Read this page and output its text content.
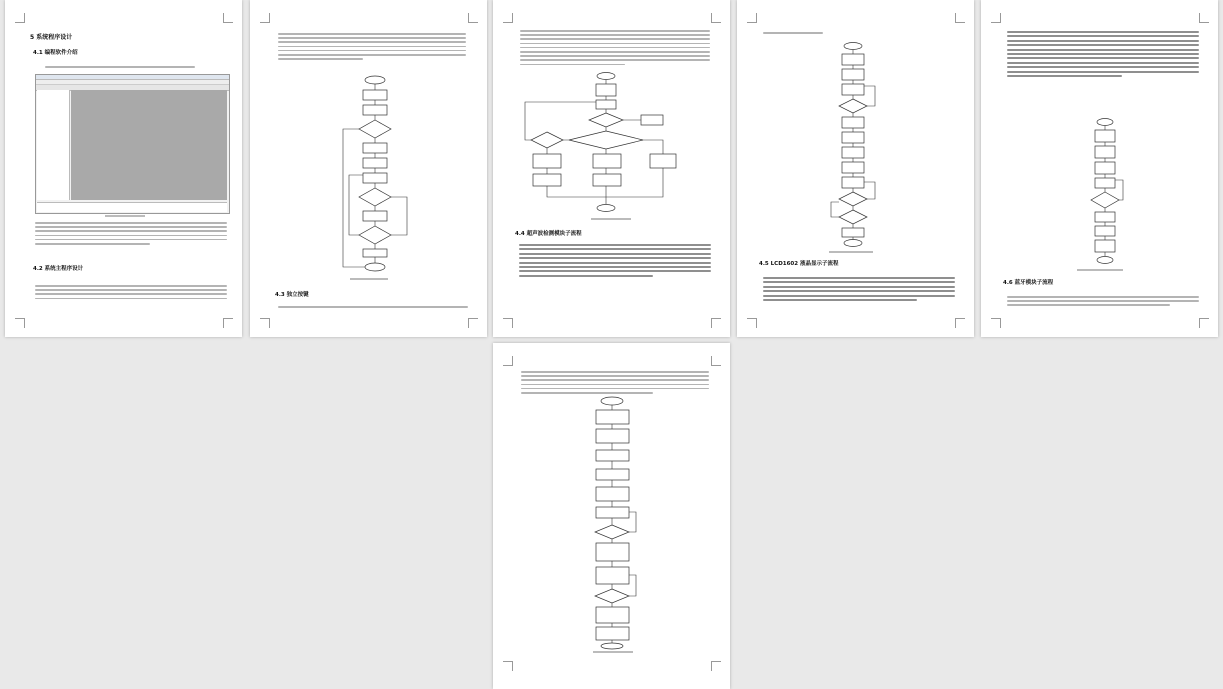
5 系统程序设计
4.1 编程软件介绍
4.2 系统主程序设计
4.3 独立按键
4.4 超声波检测模块子流程
4.5 LCD1602 液晶显示子流程
4.6 蓝牙模块子流程
